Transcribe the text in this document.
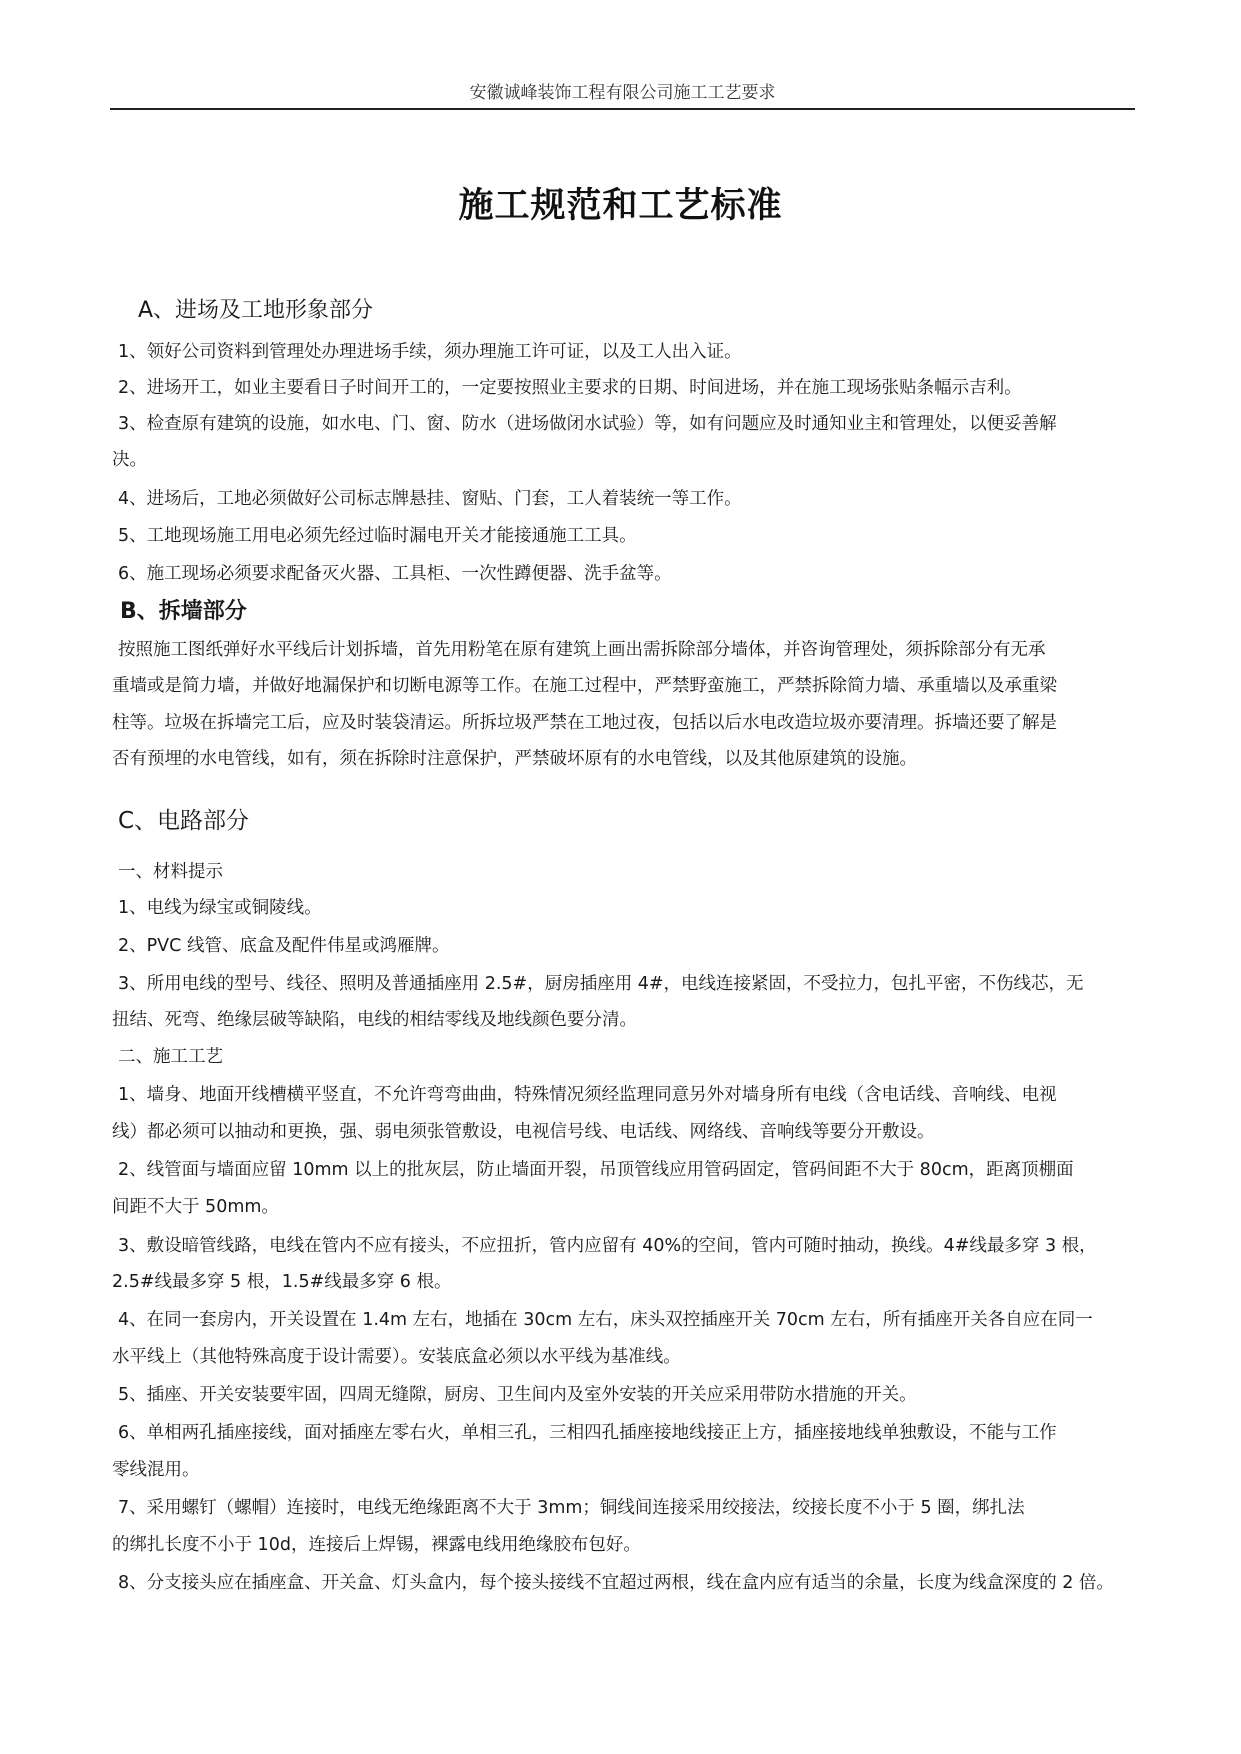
安徽诚峰装饰工程有限公司施工工艺要求
施工规范和工艺标准
A、进场及工地形象部分
1、领好公司资料到管理处办理进场手续，须办理施工许可证，以及工人出入证。
2、进场开工，如业主要看日子时间开工的，一定要按照业主要求的日期、时间进场，并在施工现场张贴条幅示吉利。
3、检查原有建筑的设施，如水电、门、窗、防水（进场做闭水试验）等，如有问题应及时通知业主和管理处，以便妥善解
决。
4、进场后，工地必须做好公司标志牌悬挂、窗贴、门套，工人着装统一等工作。
5、工地现场施工用电必须先经过临时漏电开关才能接通施工工具。
6、施工现场必须要求配备灭火器、工具柜、一次性蹲便器、洗手盆等。
B、拆墙部分
按照施工图纸弹好水平线后计划拆墙，首先用粉笔在原有建筑上画出需拆除部分墙体，并咨询管理处，须拆除部分有无承
重墙或是简力墙，并做好地漏保护和切断电源等工作。在施工过程中，严禁野蛮施工，严禁拆除简力墙、承重墙以及承重梁
柱等。垃圾在拆墙完工后，应及时装袋清运。所拆垃圾严禁在工地过夜，包括以后水电改造垃圾亦要清理。拆墙还要了解是
否有预埋的水电管线，如有，须在拆除时注意保护，严禁破坏原有的水电管线，以及其他原建筑的设施。
C、电路部分
一、材料提示
1、电线为绿宝或铜陵线。
2、PVC 线管、底盒及配件伟星或鸿雁牌。
3、所用电线的型号、线径、照明及普通插座用 2.5#，厨房插座用 4#，电线连接紧固，不受拉力，包扎平密，不伤线芯，无
扭结、死弯、绝缘层破等缺陷，电线的相结零线及地线颜色要分清。
二、施工工艺
1、墙身、地面开线槽横平竖直，不允许弯弯曲曲，特殊情况须经监理同意另外对墙身所有电线（含电话线、音响线、电视
线）都必须可以抽动和更换，强、弱电须张管敷设，电视信号线、电话线、网络线、音响线等要分开敷设。
2、线管面与墙面应留 10mm 以上的批灰层，防止墙面开裂，吊顶管线应用管码固定，管码间距不大于 80cm，距离顶棚面
间距不大于 50mm。
3、敷设暗管线路，电线在管内不应有接头，不应扭折，管内应留有 40%的空间，管内可随时抽动，换线。4#线最多穿 3 根，
2.5#线最多穿 5 根，1.5#线最多穿 6 根。
4、在同一套房内，开关设置在 1.4m 左右，地插在 30cm 左右，床头双控插座开关 70cm 左右，所有插座开关各自应在同一
水平线上（其他特殊高度于设计需要）。安装底盒必须以水平线为基准线。
5、插座、开关安装要牢固，四周无缝隙，厨房、卫生间内及室外安装的开关应采用带防水措施的开关。
6、单相两孔插座接线，面对插座左零右火，单相三孔，三相四孔插座接地线接正上方，插座接地线单独敷设，不能与工作
零线混用。
7、采用螺钉（螺帽）连接时，电线无绝缘距离不大于 3mm；铜线间连接采用绞接法，绞接长度不小于 5 圈，绑扎法
的绑扎长度不小于 10d，连接后上焊锡，裸露电线用绝缘胶布包好。
8、分支接头应在插座盒、开关盒、灯头盒内，每个接头接线不宜超过两根，线在盒内应有适当的余量，长度为线盒深度的 2 倍。
